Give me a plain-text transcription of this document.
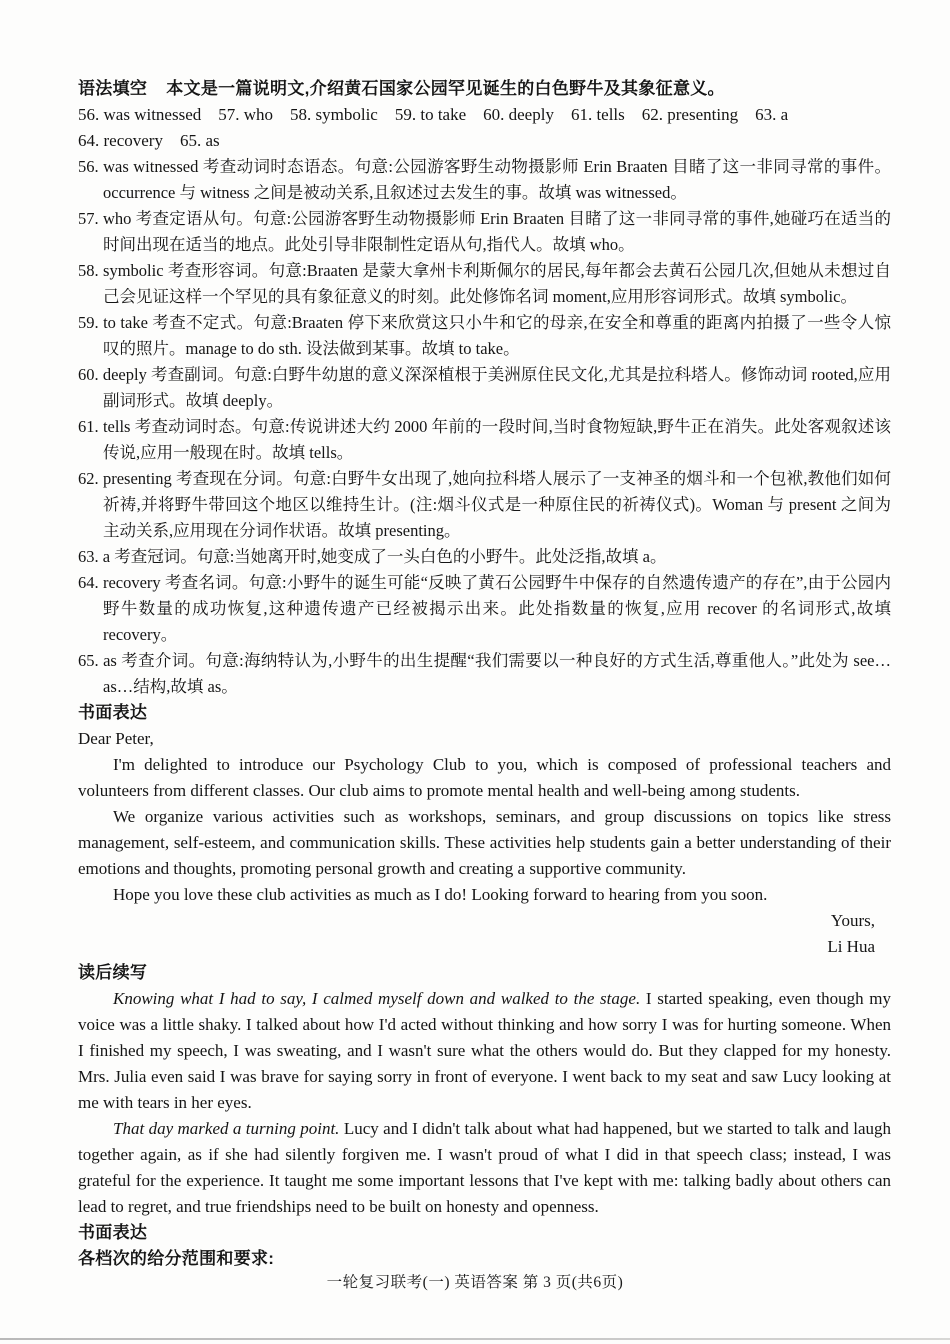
语法填空 本文是一篇说明文,介绍黄石国家公园罕见诞生的白色野牛及其象征意义。

56. was witnessed    57. who    58. symbolic    59. to take    60. deeply    61. tells    62. presenting    63. a

64. recovery    65. as

56. was witnessed 考查动词时态语态。句意:公园游客野生动物摄影师 Erin Braaten 目睹了这一非同寻常的事件。occurrence 与 witness 之间是被动关系,且叙述过去发生的事。故填 was witnessed。

57. who 考查定语从句。句意:公园游客野生动物摄影师 Erin Braaten 目睹了这一非同寻常的事件,她碰巧在适当的时间出现在适当的地点。此处引导非限制性定语从句,指代人。故填 who。

58. symbolic 考查形容词。句意:Braaten 是蒙大拿州卡利斯佩尔的居民,每年都会去黄石公园几次,但她从未想过自己会见证这样一个罕见的具有象征意义的时刻。此处修饰名词 moment,应用形容词形式。故填 symbolic。

59. to take 考查不定式。句意:Braaten 停下来欣赏这只小牛和它的母亲,在安全和尊重的距离内拍摄了一些令人惊叹的照片。manage to do sth. 设法做到某事。故填 to take。

60. deeply 考查副词。句意:白野牛幼崽的意义深深植根于美洲原住民文化,尤其是拉科塔人。修饰动词 rooted,应用副词形式。故填 deeply。

61. tells 考查动词时态。句意:传说讲述大约 2000 年前的一段时间,当时食物短缺,野牛正在消失。此处客观叙述该传说,应用一般现在时。故填 tells。

62. presenting 考查现在分词。句意:白野牛女出现了,她向拉科塔人展示了一支神圣的烟斗和一个包袱,教他们如何祈祷,并将野牛带回这个地区以维持生计。(注:烟斗仪式是一种原住民的祈祷仪式)。Woman 与 present 之间为主动关系,应用现在分词作状语。故填 presenting。

63. a 考查冠词。句意:当她离开时,她变成了一头白色的小野牛。此处泛指,故填 a。

64. recovery 考查名词。句意:小野牛的诞生可能“反映了黄石公园野牛中保存的自然遗传遗产的存在”,由于公园内野牛数量的成功恢复,这种遗传遗产已经被揭示出来。此处指数量的恢复,应用 recover 的名词形式,故填 recovery。

65. as 考查介词。句意:海纳特认为,小野牛的出生提醒“我们需要以一种良好的方式生活,尊重他人。”此处为 see… as…结构,故填 as。

书面表达

Dear Peter,

I'm delighted to introduce our Psychology Club to you, which is composed of professional teachers and volunteers from different classes. Our club aims to promote mental health and well-being among students.

We organize various activities such as workshops, seminars, and group discussions on topics like stress management, self-esteem, and communication skills. These activities help students gain a better understanding of their emotions and thoughts, promoting personal growth and creating a supportive community.

Hope you love these club activities as much as I do! Looking forward to hearing from you soon.

Yours,

Li Hua

读后续写

Knowing what I had to say, I calmed myself down and walked to the stage. I started speaking, even though my voice was a little shaky. I talked about how I'd acted without thinking and how sorry I was for hurting someone. When I finished my speech, I was sweating, and I wasn't sure what the others would do. But they clapped for my honesty. Mrs. Julia even said I was brave for saying sorry in front of everyone. I went back to my seat and saw Lucy looking at me with tears in her eyes.

That day marked a turning point. Lucy and I didn't talk about what had happened, but we started to talk and laugh together again, as if she had silently forgiven me. I wasn't proud of what I did in that speech class; instead, I was grateful for the experience. It taught me some important lessons that I've kept with me: talking badly about others can lead to regret, and true friendships need to be built on honesty and openness.

书面表达

各档次的给分范围和要求:

一轮复习联考(一) 英语答案 第 3 页(共6页)
